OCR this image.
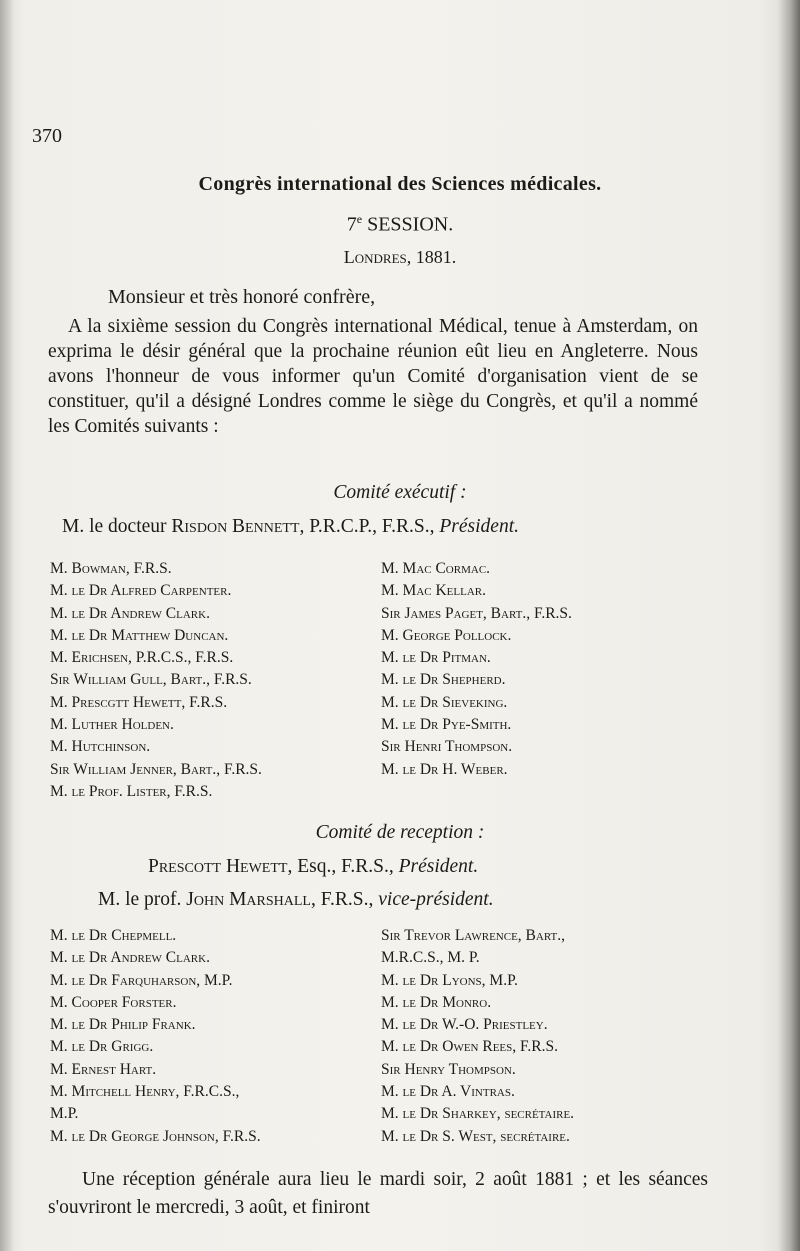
370
Congrès international des Sciences médicales.
7e SESSION.
Londres, 1881.
Monsieur et très honoré confrère,
A la sixième session du Congrès international Médical, tenue à Amsterdam, on exprima le désir général que la prochaine réunion eût lieu en Angleterre. Nous avons l'honneur de vous informer qu'un Comité d'organisation vient de se constituer, qu'il a désigné Londres comme le siège du Congrès, et qu'il a nommé les Comités suivants :
Comité exécutif :
M. le docteur Risdon Bennett, P.R.C.P., F.R.S., Président.
M. Bowman, F.R.S.	M. Mac Cormac.
M. le Dr Alfred Carpenter.	M. Mac Kellar.
M. le Dr Andrew Clark.	Sir James Paget, Bart., F.R.S.
M. le Dr Matthew Duncan.	M. George Pollock.
M. Erichsen, P.R.C.S., F.R.S.	M. le Dr Pitman.
Sir William Gull, Bart., F.R.S.	M. le Dr Shepherd.
M. Prescgtt Hewett, F.R.S.	M. le Dr Sieveking.
M. Luther Holden.	M. le Dr Pye-Smith.
M. Hutchinson.	Sir Henri Thompson.
Sir William Jenner, Bart., F.R.S.	M. le Dr H. Weber.
M. le Prof. Lister, F.R.S.
Comité de reception :
Prescott Hewett, Esq., F.R.S., Président.
M. le prof. John Marshall, F.R.S., vice-président.
M. le Dr Chepmell.	Sir Trevor Lawrence, Bart.,
M. le Dr Andrew Clark.	M.R.C.S., M. P.
M. le Dr Farquharson, M.P.	M. le Dr Lyons, M.P.
M. Cooper Forster.	M. le Dr Monro.
M. le Dr Philip Frank.	M. le Dr W.-O. Priestley.
M. le Dr Grigg.	M. le Dr Owen Rees, F.R.S.
M. Ernest Hart.	Sir Henry Thompson.
M. Mitchell Henry, F.R.C.S.,	M. le Dr A. Vintras.
M.P.	M. le Dr Sharkey, secrétaire.
M. le Dr George Johnson, F.R.S.	M. le Dr S. West, secrétaire.
Une réception générale aura lieu le mardi soir, 2 août 1881 ; et les séances s'ouvriront le mercredi, 3 août, et finiront
